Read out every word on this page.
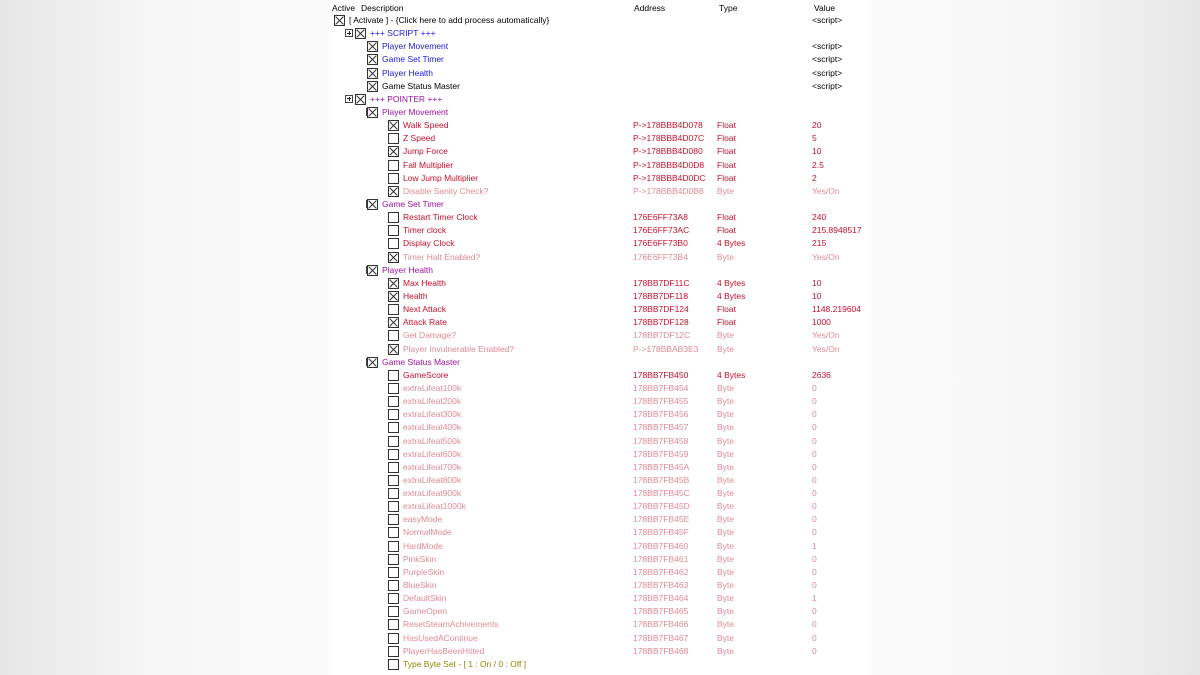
Active Description	Address	Type	Value
[ Activate ] - {Click here to add process automatically}	<script>
+++ SCRIPT +++
Player Movement	<script>
Game Set Timer	<script>
Player Health	<script>
Game Status Master	<script>
+++ POINTER +++
Player Movement
Walk Speed	P->178BBB4D078 Float	20
Z Speed	P->178BBB4D07C Float	5
Jump Force	P->178BBB4D080 Float	10
Fall Multiplier	P->178BBB4D0D8 Float	2.5
Low Jump Multiplier	P->178BBB4D0DC Float	2
Disable Sanity Check?	P->178BBB4D0B8 Byte	Yes/On
Game Set Timer
Restart Timer Clock	176E6FF73A8	Float	240
Timer clock	176E6FF73AC	Float	215.8948517
Display Clock	176E6FF73B0	4 Bytes	215
Timer Halt Enabled?	176E6FF73B4	Byte	Yes/On
Player Health
Max Health	178BB7DF11C	4 Bytes	10
Health	178BB7DF118	4 Bytes	10
Next Attack	178BB7DF124	Float	1148.219604
Attack Rate	178BB7DF128	Float	1000
Get Damage?	178BB7DF12C	Byte	Yes/On
Player Invulnerable Enabled?	P->178BBAB3E3 Byte	Yes/On
Game Status Master
GameScore	178BB7FB450	4 Bytes	2636
extraLifeat100k	178BB7FB454	Byte	0
extraLifeat200k	178BB7FB455	Byte	0
extraLifeat300k	178BB7FB456	Byte	0
extraLifeat400k	178BB7FB457	Byte	0
extraLifeat500k	178BB7FB458	Byte	0
extraLifeat600k	178BB7FB459	Byte	0
extraLifeat700k	178BB7FB45A	Byte	0
extraLifeat800k	178BB7FB45B	Byte	0
extraLifeat900k	178BB7FB45C	Byte	0
extraLifeat1000k	178BB7FB45D	Byte	0
easyMode	178BB7FB45E	Byte	0
NormalMode	178BB7FB45F	Byte	0
HardMode	178BB7FB460	Byte	1
PinkSkin	178BB7FB461	Byte	0
PurpleSkin	178BB7FB462	Byte	0
BlueSkin	178BB7FB463	Byte	0
DefaultSkin	178BB7FB464	Byte	1
GameOpen	178BB7FB465	Byte	0
ResetSteamAchivements	178BB7FB466	Byte	0
HasUsedAContinue	178BB7FB467	Byte	0
PlayerHasBeenHitted	178BB7FB468	Byte	0
Type Byte Set - [ 1 : On / 0 : Off ]
